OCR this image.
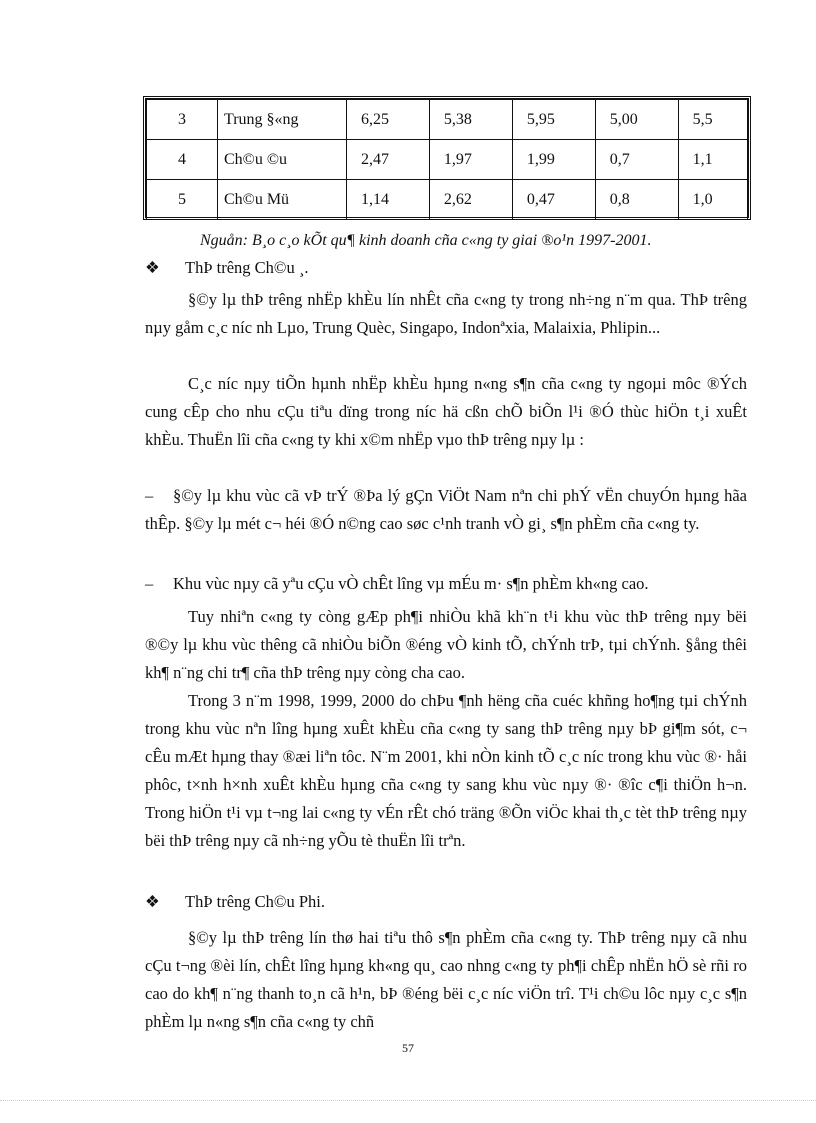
3	Trung §«ng	6,25	5,38	5,95	5,00	5,5
4	Ch©u ©u	2,47	1,97	1,99	0,7	1,1
5	Ch©u Mü	1,14	2,62	0,47	0,8	1,0
Nguån: B¸o c¸o kÕt qu¶ kinh doanh cña c«ng ty giai ®o¹n 1997-2001.
❖ ThÞ trêng Ch©u ¸.

§©y lµ thÞ trêng nhËp khÈu lín nhÊt cña c«ng ty trong nh÷ng n¨m qua. ThÞ trêng nµy gåm c¸c níc nh Lµo, Trung Quèc, Singapo, Indonªxia, Malaixia, Phlipin...

C¸c níc nµy tiÕn hµnh nhËp khÈu hµng n«ng s¶n cña c«ng ty ngoµi môc ®Ých cung cÊp cho nhu cÇu tiªu dïng trong níc hä cßn chÕ biÕn l¹i ®Ó thùc hiÖn t¸i xuÊt khÈu. ThuËn lîi cña c«ng ty khi x©m nhËp vµo thÞ trêng nµy lµ :

– §©y lµ khu vùc cã vÞ trÝ ®Þa lý gÇn ViÖt Nam nªn chi phÝ vËn chuyÓn hµng hãa thÊp. §©y lµ mét c¬ héi ®Ó n©ng cao søc c¹nh tranh vÒ gi¸ s¶n phÈm cña c«ng ty.

– Khu vùc nµy cã yªu cÇu vÒ chÊt lîng vµ mÉu m· s¶n phÈm kh«ng cao.

Tuy nhiªn c«ng ty còng gÆp ph¶i nhiÒu khã kh¨n t¹i khu vùc thÞ trêng nµy bëi ®©y lµ khu vùc thêng cã nhiÒu biÕn ®éng vÒ kinh tÕ, chÝnh trÞ, tµi chÝnh. §ång thêi kh¶ n¨ng chi tr¶ cña thÞ trêng nµy còng cha cao.

Trong 3 n¨m 1998, 1999, 2000 do chÞu ¶nh hëng cña cuéc khñng ho¶ng tµi chÝnh trong khu vùc nªn lîng hµng xuÊt khÈu cña c«ng ty sang thÞ trêng nµy bÞ gi¶m sót, c¬ cÊu mÆt hµng thay ®æi liªn tôc. N¨m 2001, khi nÒn kinh tÕ c¸c níc trong khu vùc ®· håi phôc, t×nh h×nh xuÊt khÈu hµng cña c«ng ty sang khu vùc nµy ®· ®îc c¶i thiÖn h¬n. Trong hiÖn t¹i vµ t¬ng lai c«ng ty vÉn rÊt chó träng ®Õn viÖc khai th¸c tèt thÞ trêng nµy bëi thÞ trêng nµy cã nh÷ng yÕu tè thuËn lîi trªn.

❖ ThÞ trêng Ch©u Phi.

§©y lµ thÞ trêng lín thø hai tiªu thô s¶n phÈm cña c«ng ty. ThÞ trêng nµy cã nhu cÇu t¬ng ®èi lín, chÊt lîng hµng kh«ng qu¸ cao nhng c«ng ty ph¶i chÊp nhËn hÖ sè rñi ro cao do kh¶ n¨ng thanh to¸n cã h¹n, bÞ ®éng bëi c¸c níc viÖn trî. T¹i ch©u lôc nµy c¸c s¶n phÈm lµ n«ng s¶n cña c«ng ty chñ

57
